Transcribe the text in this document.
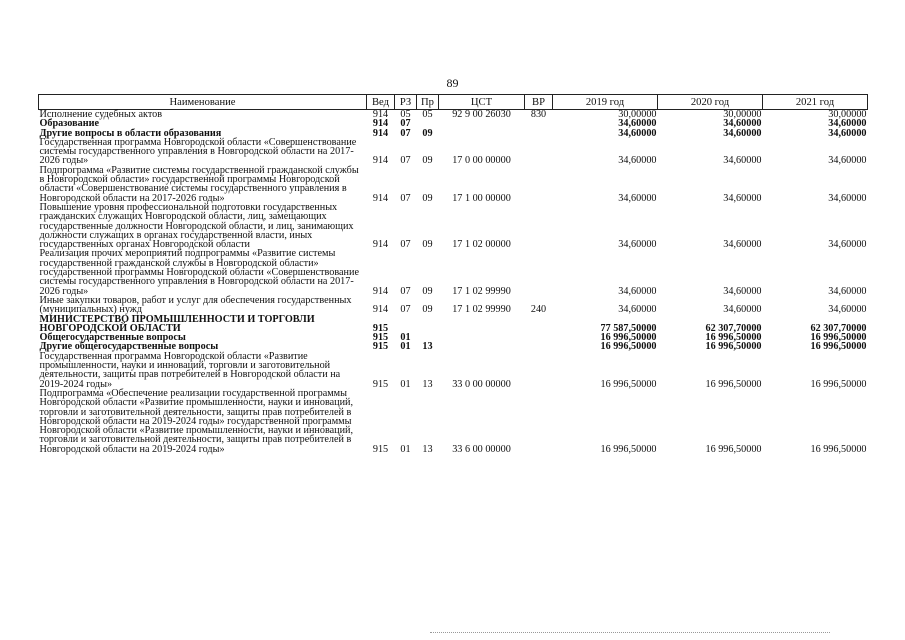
89
Наименование	Вед	РЗ	Пр	ЦСТ	ВР	2019 год	2020 год	2021 год
Исполнение судебных актов	914	05	05	92 9 00 26030	830	30,00000	30,00000	30,00000
Образование	914	07				34,60000	34,60000	34,60000
Другие вопросы в области образования	914	07	09			34,60000	34,60000	34,60000
Государственная программа Новгородской области «Совершенствование системы государственного управления в Новгородской области на 2017-2026 годы»	914	07	09	17 0 00 00000		34,60000	34,60000	34,60000
Подпрограмма «Развитие системы государственной гражданской службы в Новгородской области» государственной программы Новгородской области «Совершенствование системы государственного управления в Новгородской области на 2017-2026 годы»	914	07	09	17 1 00 00000		34,60000	34,60000	34,60000
Повышение уровня профессиональной подготовки государственных гражданских служащих Новгородской области, лиц, замещающих государственные должности Новгородской области, и лиц, занимающих должности служащих в органах государственной власти, иных государственных органах Новгородской области	914	07	09	17 1 02 00000		34,60000	34,60000	34,60000
Реализация прочих мероприятий подпрограммы «Развитие системы государственной гражданской службы в Новгородской области» государственной программы Новгородской области «Совершенствование системы государственного управления в Новгородской области на 2017-2026 годы»	914	07	09	17 1 02 99990		34,60000	34,60000	34,60000
Иные закупки товаров, работ и услуг для обеспечения государственных (муниципальных) нужд	914	07	09	17 1 02 99990	240	34,60000	34,60000	34,60000
МИНИСТЕРСТВО ПРОМЫШЛЕННОСТИ И ТОРГОВЛИ НОВГОРОДСКОЙ ОБЛАСТИ	915					77 587,50000	62 307,70000	62 307,70000
Общегосударственные вопросы	915	01				16 996,50000	16 996,50000	16 996,50000
Другие общегосударственные вопросы	915	01	13			16 996,50000	16 996,50000	16 996,50000
Государственная программа Новгородской области «Развитие промышленности, науки и инноваций, торговли и заготовительной деятельности, защиты прав потребителей в Новгородской области на 2019-2024 годы»	915	01	13	33 0 00 00000		16 996,50000	16 996,50000	16 996,50000
Подпрограмма «Обеспечение реализации государственной программы Новгородской области «Развитие промышленности, науки и инноваций, торговли и заготовительной деятельности, защиты прав потребителей в Новгородской области на 2019-2024 годы» государственной программы Новгородской области «Развитие промышленности, науки и инноваций, торговли и заготовительной деятельности, защиты прав потребителей в Новгородской области на 2019-2024 годы»	915	01	13	33 6 00 00000		16 996,50000	16 996,50000	16 996,50000
